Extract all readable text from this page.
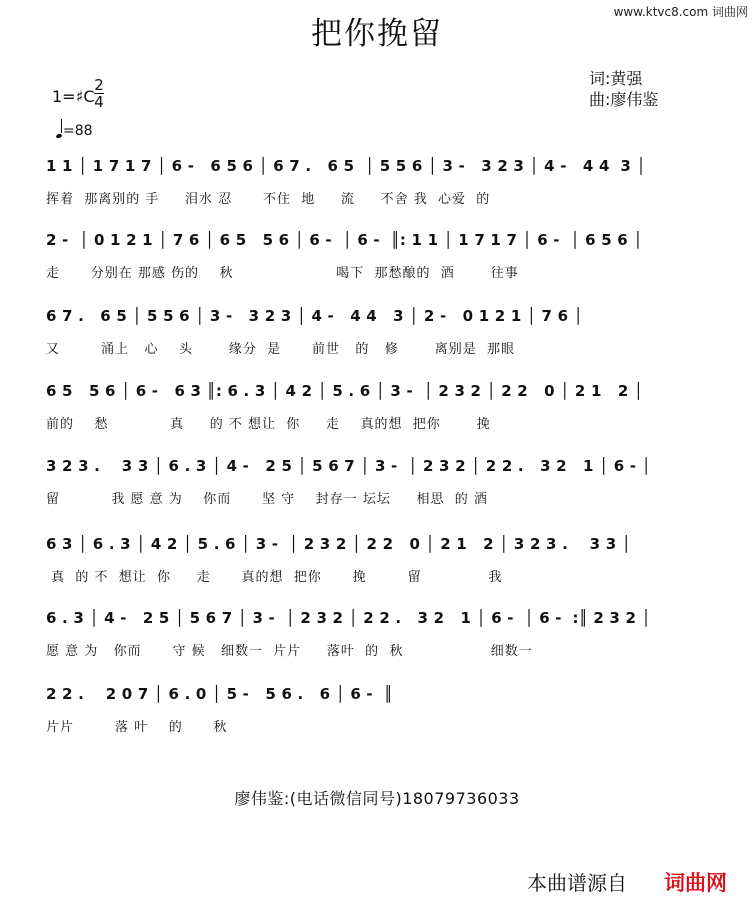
www.ktvc8.com 词曲网
把你挽留
词:黄强
曲:廖伟鉴
1=♯C
2
4
=88
1 1 │ 1 7 1 7 │ 6 -   6 5 6 │ 6 7 .   6 5  │ 5 5 6 │ 3 -   3 2 3 │ 4 -   4 4  3 │
挥着  那离别的 手     泪水 忍      不住  地     流     不舍 我  心爱  的
2 -  │ 0 1 2 1 │ 7 6 │ 6 5   5 6 │ 6 -  │ 6 -  ║: 1 1 │ 1 7 1 7 │ 6 -  │ 6 5 6 │
走      分别在 那感 伤的    秋                    喝下  那愁酿的  酒       往事
6 7 .   6 5 │ 5 5 6 │ 3 -   3 2 3 │ 4 -   4 4   3 │ 2 -   0 1 2 1 │ 7 6 │
又        涌上   心    头       缘分  是      前世   的   修       离别是  那眼
6 5   5 6 │ 6 -   6 3 ║: 6 . 3 │ 4 2 │ 5 . 6 │ 3 -  │ 2 3 2 │ 2 2   0 │ 2 1   2 │
前的    愁            真     的 不 想让  你     走    真的想  把你       挽
3 2 3 .    3 3 │ 6 . 3 │ 4 -   2 5 │ 5 6 7 │ 3 -  │ 2 3 2 │ 2 2 .   3 2   1 │ 6 - │
留          我 愿 意 为    你而      坚 守    封存一 坛坛     相思  的 酒
6 3 │ 6 . 3 │ 4 2 │ 5 . 6 │ 3 -  │ 2 3 2 │ 2 2   0 │ 2 1   2 │ 3 2 3 .    3 3 │
真  的 不  想让  你     走      真的想  把你      挽        留             我
6 . 3 │ 4 -   2 5 │ 5 6 7 │ 3 -  │ 2 3 2 │ 2 2 .   3 2   1 │ 6 -  │ 6 -  :║ 2 3 2 │
愿 意 为   你而      守 候   细数一  片片     落叶  的  秋                 细数一
2 2 .    2 0 7 │ 6 . 0 │ 5 -   5 6 .   6 │ 6 -  ║
片片        落 叶    的      秋
廖伟鉴:(电话微信同号)18079736033
本曲谱源自 词曲网
